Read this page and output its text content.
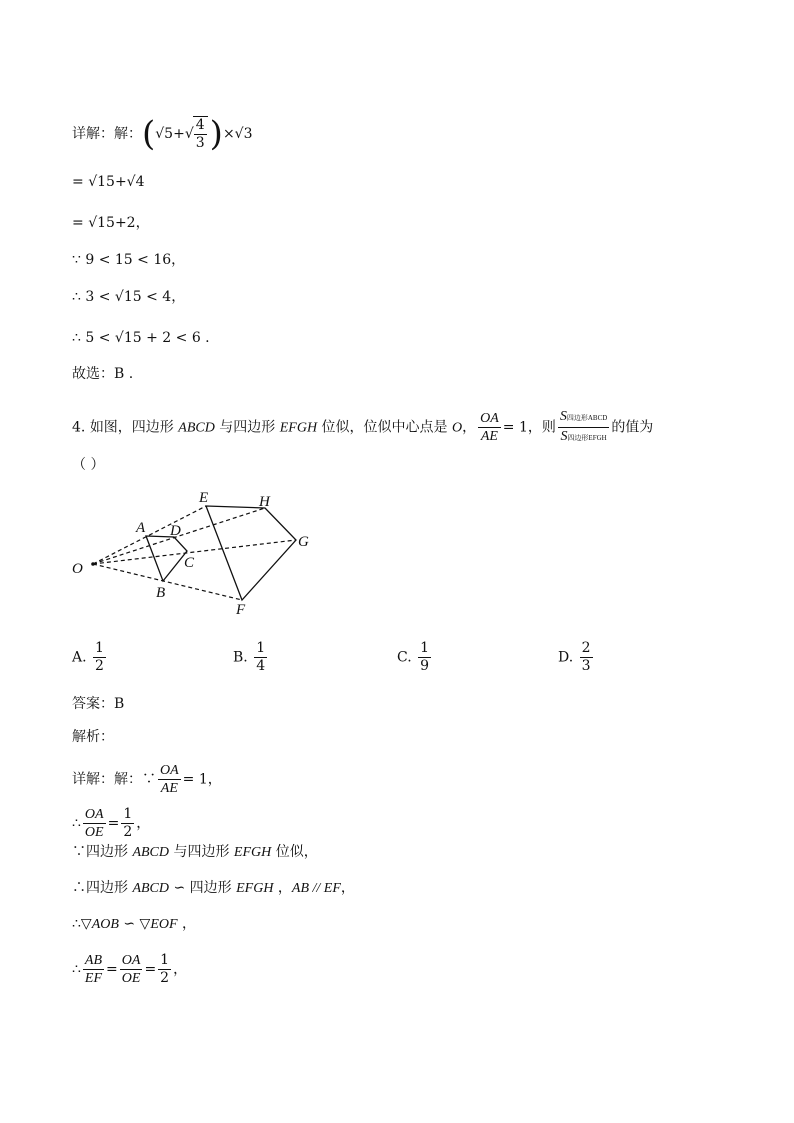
详解：解：$(√5+√ \frac{4}{3} )\times√3$
= √15+√4
= √15+2，
∵ 9 < 15 < 16，
∴ 3 < √15 < 4，
∴ 5 < √15 + 2 < 6 .
故选：B .
4. 如图，四边形 ABCD 与四边形 EFGH 位似，位似中心点是 O， $\frac{OA}{AE} = 1$，则
S四边形ABCD
S四边形EFGH
的值为
（ ）
O
A D
C
B
E	H
G
F
A. $\frac{1}{2}$	B. $\frac{1}{4}$	C. $\frac{1}{9}$	D. $\frac{2}{3}$
答案：B
解析：
详解：解：∵ $\frac{OA}{AE} = 1$，
∴ $\frac{OA}{OE} = \frac{1}{2}$ ，
∵四边形 ABCD 与四边形 EFGH 位似，
∴四边形 ABCD ∽ 四边形 EFGH ，AB // EF，
∴▽AOB ∽ ▽EOF ，
∴ $\frac{AB}{EF} = \frac{OA}{OE} = \frac{1}{2}$ ，
